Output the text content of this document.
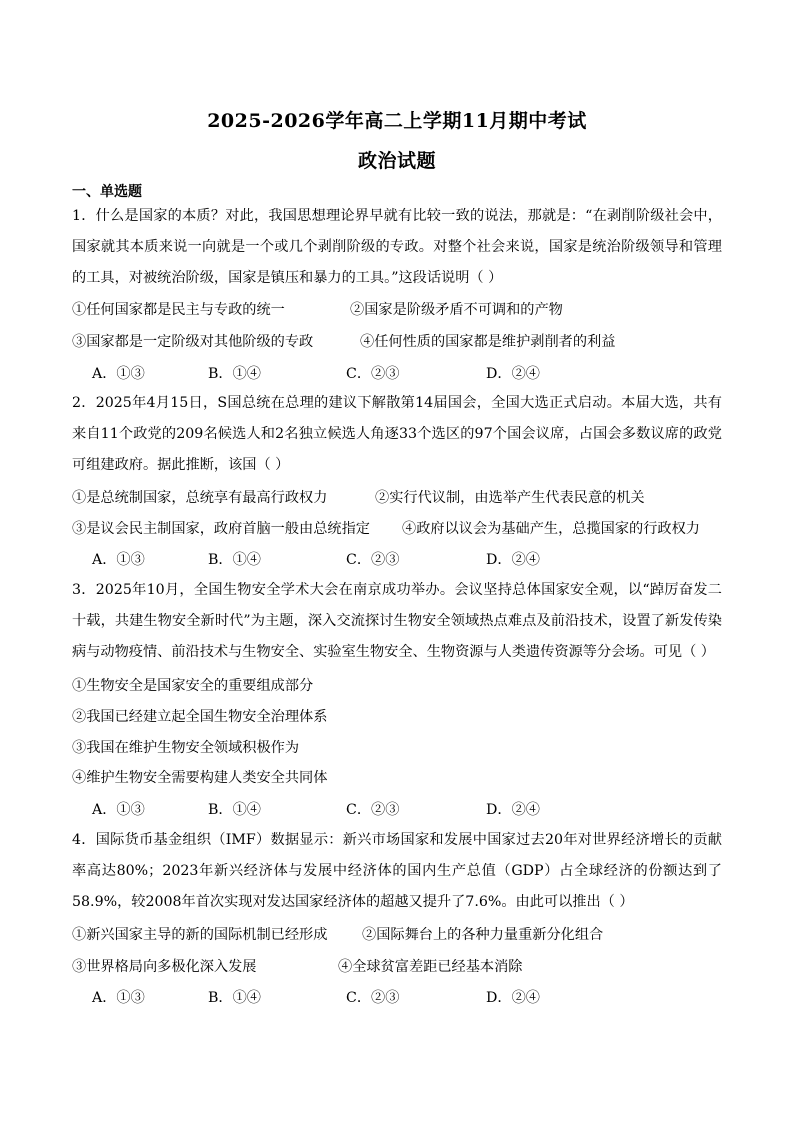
2025-2026学年高二上学期11月期中考试
政治试题
一、单选题

1．什么是国家的本质？对此，我国思想理论界早就有比较一致的说法，那就是：“在剥削阶级社会中，国家就其本质来说一向就是一个或几个剥削阶级的专政。对整个社会来说，国家是统治阶级领导和管理的工具，对被统治阶级，国家是镇压和暴力的工具。”这段话说明（ ）

①任何国家都是民主与专政的统一	②国家是阶级矛盾不可调和的产物
③国家都是一定阶级对其他阶级的专政	④任何性质的国家都是维护剥削者的利益
A．①③	B．①④	C．②③	D．②④

2．2025年4月15日，S国总统在总理的建议下解散第14届国会，全国大选正式启动。本届大选，共有来自11个政党的209名候选人和2名独立候选人角逐33个选区的97个国会议席，占国会多数议席的政党可组建政府。据此推断，该国（ ）

①是总统制国家，总统享有最高行政权力	②实行代议制，由选举产生代表民意的机关
③是议会民主制国家，政府首脑一般由总统指定 ④政府以议会为基础产生，总揽国家的行政权力
A．①③	B．①④	C．②③	D．②④

3．2025年10月，全国生物安全学术大会在南京成功举办。会议坚持总体国家安全观，以“踔厉奋发二十载，共建生物安全新时代”为主题，深入交流探讨生物安全领域热点难点及前沿技术，设置了新发传染病与动物疫情、前沿技术与生物安全、实验室生物安全、生物资源与人类遗传资源等分会场。可见（ ）

①生物安全是国家安全的重要组成部分
②我国已经建立起全国生物安全治理体系
③我国在维护生物安全领域积极作为
④维护生物安全需要构建人类安全共同体
A．①③	B．①④	C．②③	D．②④

4．国际货币基金组织（IMF）数据显示：新兴市场国家和发展中国家过去20年对世界经济增长的贡献率高达80%；2023年新兴经济体与发展中经济体的国内生产总值（GDP）占全球经济的份额达到了58.9%，较2008年首次实现对发达国家经济体的超越又提升了7.6%。由此可以推出（ ）

①新兴国家主导的新的国际机制已经形成 ②国际舞台上的各种力量重新分化组合
③世界格局向多极化深入发展	④全球贫富差距已经基本消除
A．①③	B．①④	C．②③	D．②④
